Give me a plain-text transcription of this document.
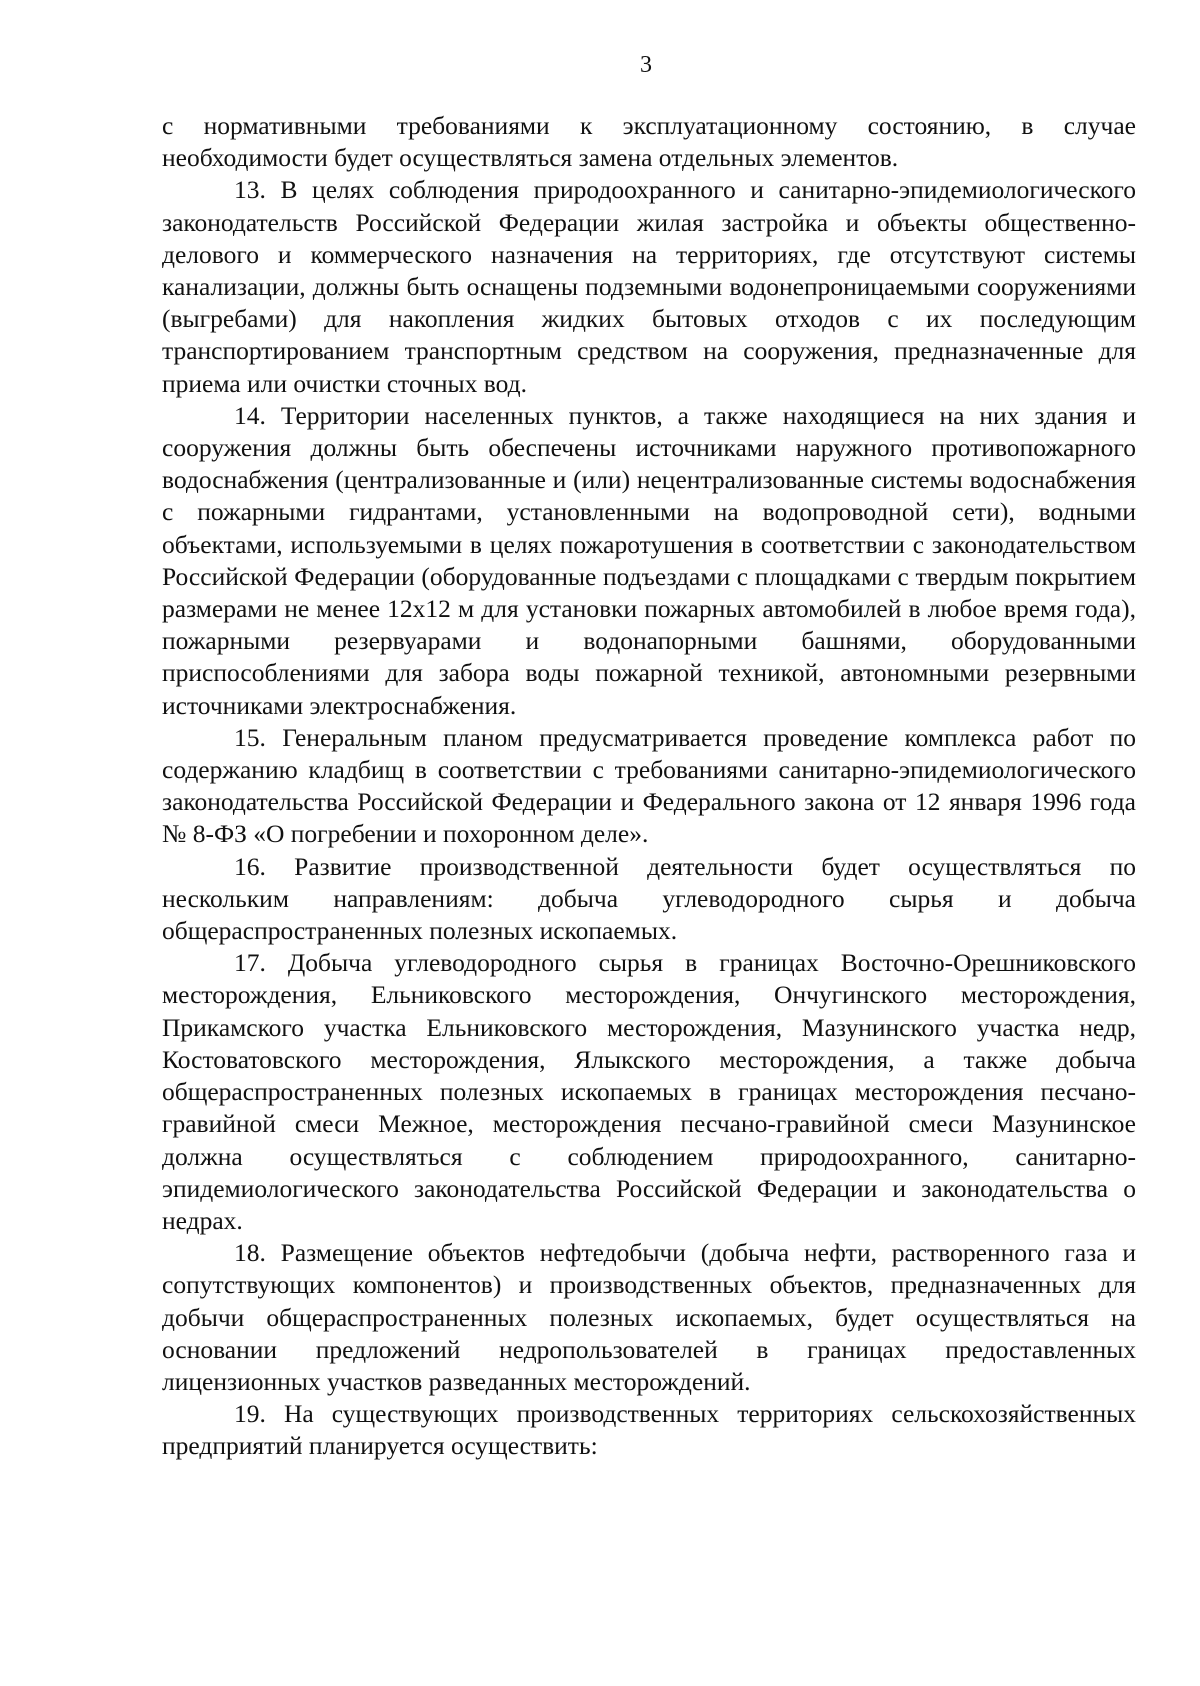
3

с нормативными требованиями к эксплуатационному состоянию, в случае необходимости будет осуществляться замена отдельных элементов.

13. В целях соблюдения природоохранного и санитарно-эпидемиологического законодательств Российской Федерации жилая застройка и объекты общественно-делового и коммерческого назначения на территориях, где отсутствуют системы канализации, должны быть оснащены подземными водонепроницаемыми сооружениями (выгребами) для накопления жидких бытовых отходов с их последующим транспортированием транспортным средством на сооружения, предназначенные для приема или очистки сточных вод.

14. Территории населенных пунктов, а также находящиеся на них здания и сооружения должны быть обеспечены источниками наружного противопожарного водоснабжения (централизованные и (или) нецентрализованные системы водоснабжения с пожарными гидрантами, установленными на водопроводной сети), водными объектами, используемыми в целях пожаротушения в соответствии с законодательством Российской Федерации (оборудованные подъездами с площадками с твердым покрытием размерами не менее 12х12 м для установки пожарных автомобилей в любое время года), пожарными резервуарами и водонапорными башнями, оборудованными приспособлениями для забора воды пожарной техникой, автономными резервными источниками электроснабжения.

15. Генеральным планом предусматривается проведение комплекса работ по содержанию кладбищ в соответствии с требованиями санитарно-эпидемиологического законодательства Российской Федерации и Федерального закона от 12 января 1996 года № 8-ФЗ «О погребении и похоронном деле».

16. Развитие производственной деятельности будет осуществляться по нескольким направлениям: добыча углеводородного сырья и добыча общераспространенных полезных ископаемых.

17. Добыча углеводородного сырья в границах Восточно-Орешниковского месторождения, Ельниковского месторождения, Ончугинского месторождения, Прикамского участка Ельниковского месторождения, Мазунинского участка недр, Костоватовского месторождения, Ялыкского месторождения, а также добыча общераспространенных полезных ископаемых в границах месторождения песчано-гравийной смеси Межное, месторождения песчано-гравийной смеси Мазунинское должна осуществляться с соблюдением природоохранного, санитарно-эпидемиологического законодательства Российской Федерации и законодательства о недрах.

18. Размещение объектов нефтедобычи (добыча нефти, растворенного газа и сопутствующих компонентов) и производственных объектов, предназначенных для добычи общераспространенных полезных ископаемых, будет осуществляться на основании предложений недропользователей в границах предоставленных лицензионных участков разведанных месторождений.

19. На существующих производственных территориях сельскохозяйственных предприятий планируется осуществить:
